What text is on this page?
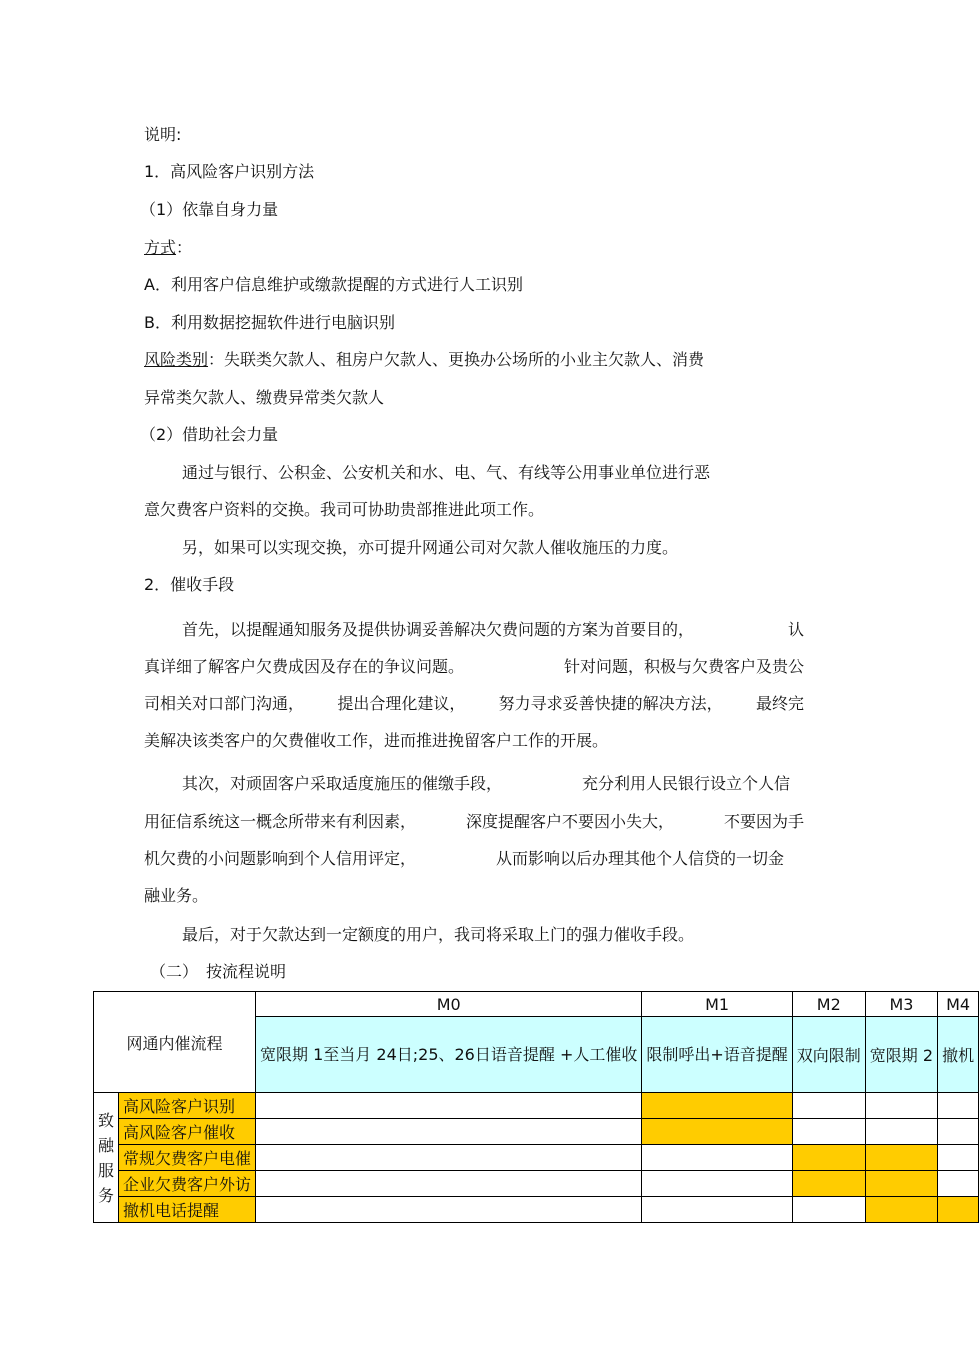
说明:
1．高风险客户识别方法
（1）依靠自身力量
方式：
A．利用客户信息维护或缴款提醒的方式进行人工识别
B．利用数据挖掘软件进行电脑识别
风险类别：失联类欠款人、租房户欠款人、更换办公场所的小业主欠款人、消费
异常类欠款人、缴费异常类欠款人
（2）借助社会力量
通过与银行、公积金、公安机关和水、电、气、有线等公用事业单位进行恶
意欠费客户资料的交换。我司可协助贵部推进此项工作。
另，如果可以实现交换，亦可提升网通公司对欠款人催收施压的力度。
2．催收手段
首先，以提醒通知服务及提供协调妥善解决欠费问题的方案为首要目的，	认
真详细了解客户欠费成因及存在的争议问题。	针对问题，积极与欠费客户及贵公
司相关对口部门沟通， 提出合理化建议， 努力寻求妥善快捷的解决方法， 最终完
美解决该类客户的欠费催收工作，进而推进挽留客户工作的开展。
其次，对顽固客户采取适度施压的催缴手段，	充分利用人民银行设立个人信
用征信系统这一概念所带来有利因素，	深度提醒客户不要因小失大，	不要因为手
机欠费的小问题影响到个人信用评定，	从而影响以后办理其他个人信贷的一切金
融业务。
最后，对于欠款达到一定额度的用户，我司将采取上门的强力催收手段。
（二）　按流程说明
网通内催流程		M0	M1	M2	M3	M4
		宽限期 1至当月 24日;25、26日语音提醒 +人工催收	限制呼出+语音提醒	双向限制	宽限期 2	撤机

致
融
服
务	高风险客户识别					
	高风险客户催收					
	常规欠费客户电催					
	企业欠费客户外访					
	撤机电话提醒					
